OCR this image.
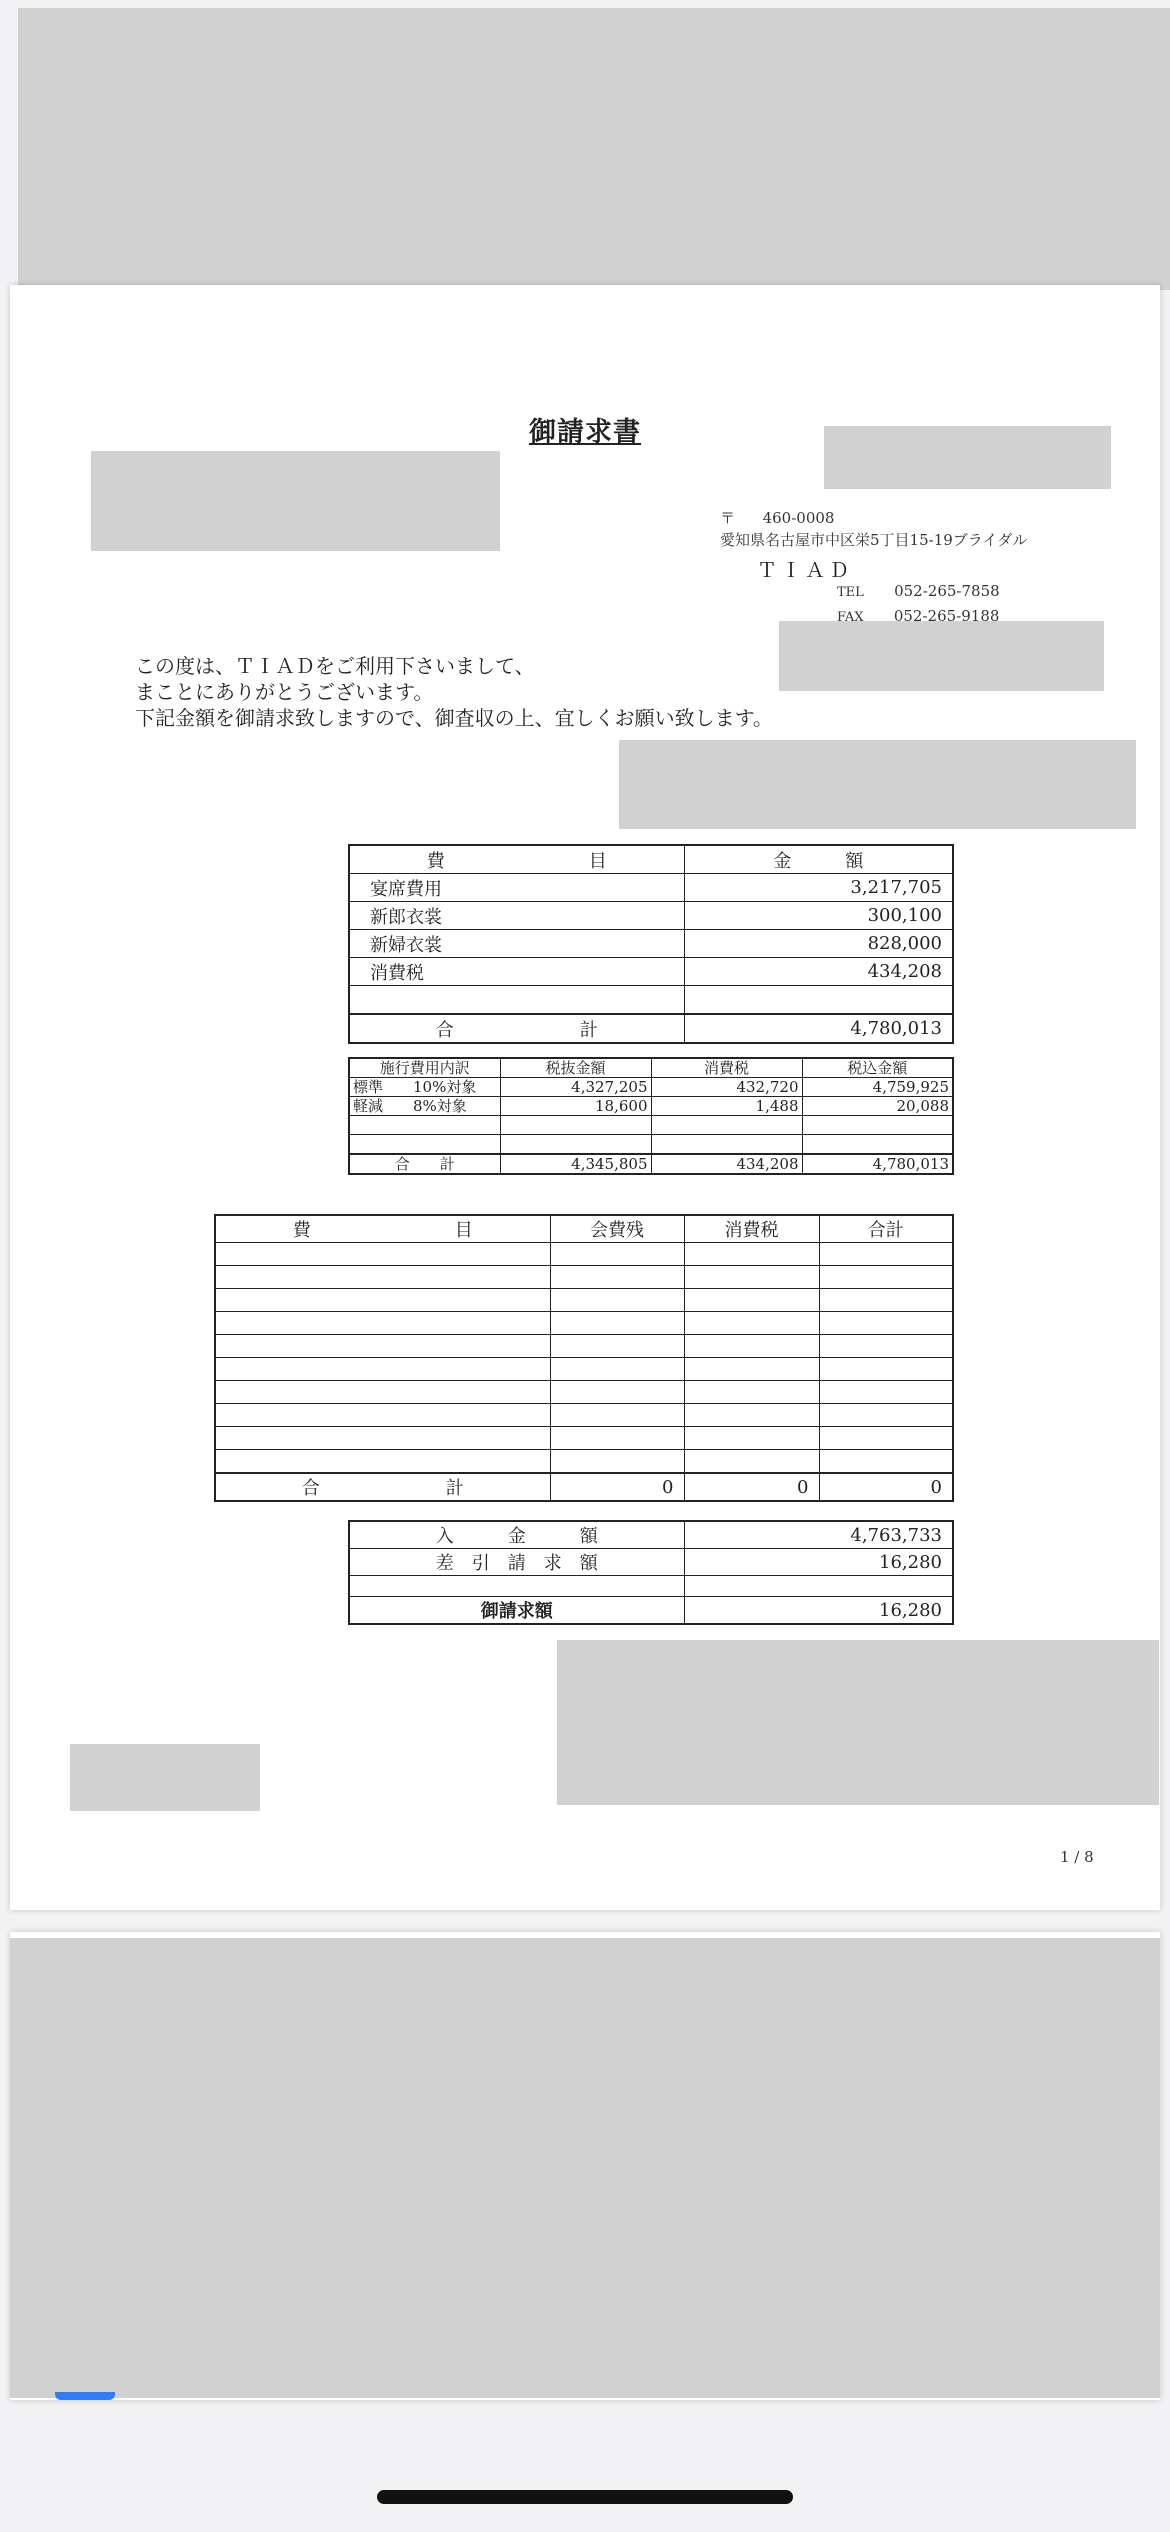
御請求書
〒 460-0008
愛知県名古屋市中区栄5丁目15-19ブライダル
ＴＩＡＤ
TEL 052-265-7858
FAX 052-265-9188
この度は、ＴＩＡＤをご利用下さいまして、
まことにありがとうございます。
下記金額を御請求致しますので、御査収の上、宜しくお願い致します。
費　　　　　　　　目	金　　　額
宴席費用	3,217,705
新郎衣裳	300,100
新婦衣裳	828,000
消費税	434,208

合　　　　　　　計	4,780,013
施行費用内訳	税抜金額	消費税	税込金額
標準　　10%対象	4,327,205	432,720	4,759,925
軽減　　8%対象	18,600	1,488	20,088

合　　計	4,345,805	434,208	4,780,013
費　　　　　　　　目	会費残	消費税	合計

合　　　　　　　計	0	0	0
入　　　金　　　額	4,763,733
差　引　請　求　額	16,280

御請求額	16,280
1 / 8
